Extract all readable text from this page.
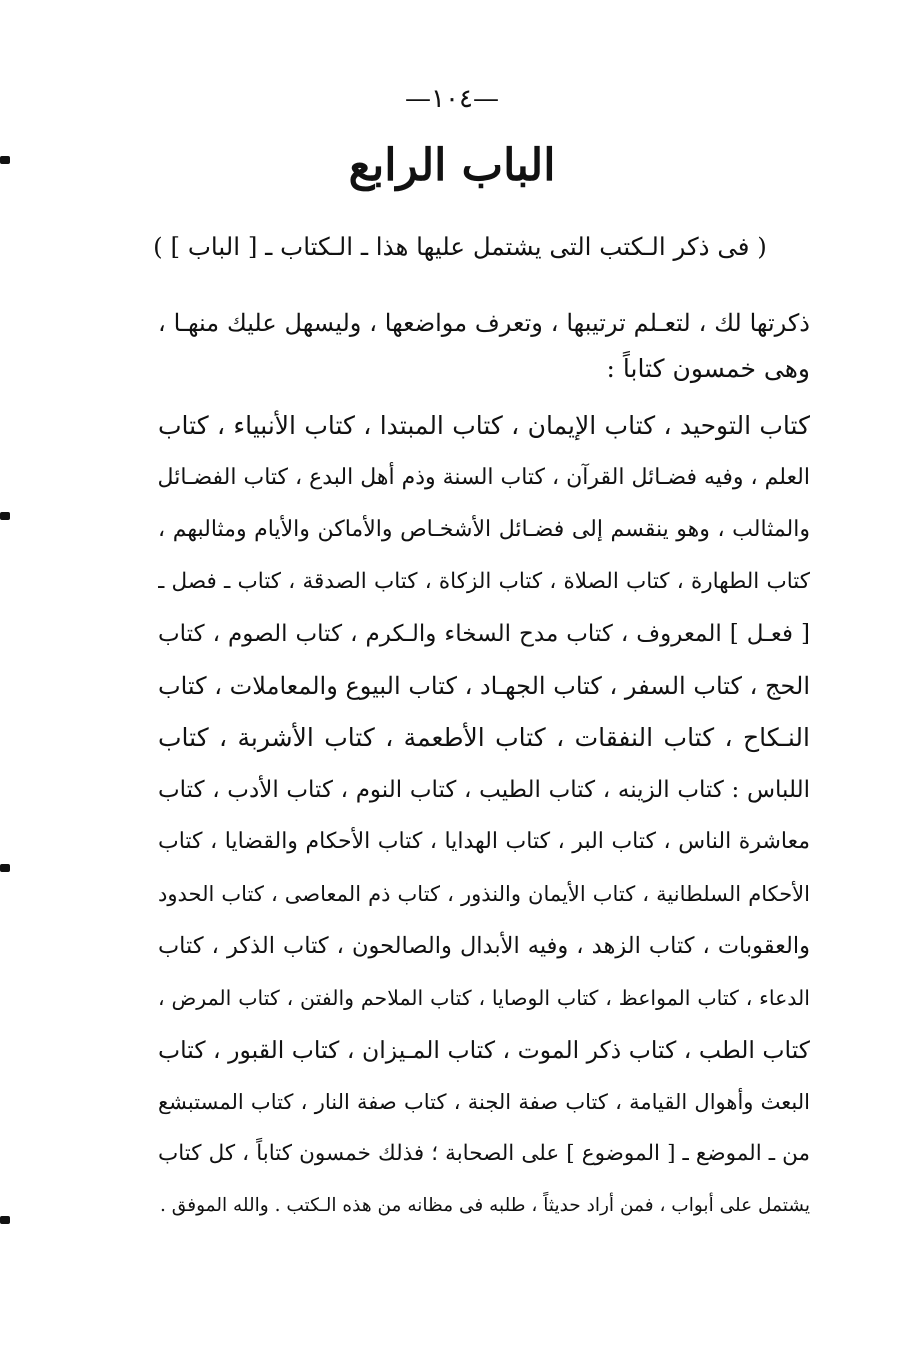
—١٠٤—
الباب الرابع
( فى ذكر الـكتب التى يشتمل عليها هذا ـ الـكتاب ـ [ الباب ] )
ذكرتها لك ، لتعـلم ترتيبها ، وتعرف مواضعها ، وليسهل عليك منهـا ،
وهى خمسون كتاباً :
كتاب التوحيد ، كتاب الإيمان ، كتاب المبتدا ، كتاب الأنبياء ، كتاب
العلم ، وفيه فضـائل القرآن ، كتاب السنة وذم أهل البدع ، كتاب الفضـائل
والمثالب ، وهو ينقسم إلى فضـائل الأشخـاص والأماكن والأيام ومثالبهم ،
كتاب الطهارة ، كتاب الصلاة ، كتاب الزكاة ، كتاب الصدقة ، كتاب ـ فصل ـ
[ فعـل ] المعروف ، كتاب مدح السخاء والـكرم ، كتاب الصوم ، كتاب
الحج ، كتاب السفر ، كتاب الجهـاد ، كتاب البيوع والمعاملات ، كتاب
النـكاح ، كتاب النفقات ، كتاب الأطعمة ، كتاب الأشربة ، كتاب
اللباس : كتاب الزينه ، كتاب الطيب ، كتاب النوم ، كتاب الأدب ، كتاب
معاشرة الناس ، كتاب البر ، كتاب الهدايا ، كتاب الأحكام والقضايا ، كتاب
الأحكام السلطانية ، كتاب الأيمان والنذور ، كتاب ذم المعاصى ، كتاب الحدود
والعقوبات ، كتاب الزهد ، وفيه الأبدال والصالحون ، كتاب الذكر ، كتاب
الدعاء ، كتاب المواعظ ، كتاب الوصايا ، كتاب الملاحم والفتن ، كتاب المرض ،
كتاب الطب ، كتاب ذكر الموت ، كتاب المـيزان ، كتاب القبور ، كتاب
البعث وأهوال القيامة ، كتاب صفة الجنة ، كتاب صفة النار ، كتاب المستبشع
من ـ الموضع ـ [ الموضوع ] على الصحابة ؛ فذلك خمسون كتاباً ، كل كتاب
يشتمل على أبواب ، فمن أراد حديثاً ، طلبه فى مظانه من هذه الـكتب . والله الموفق .
